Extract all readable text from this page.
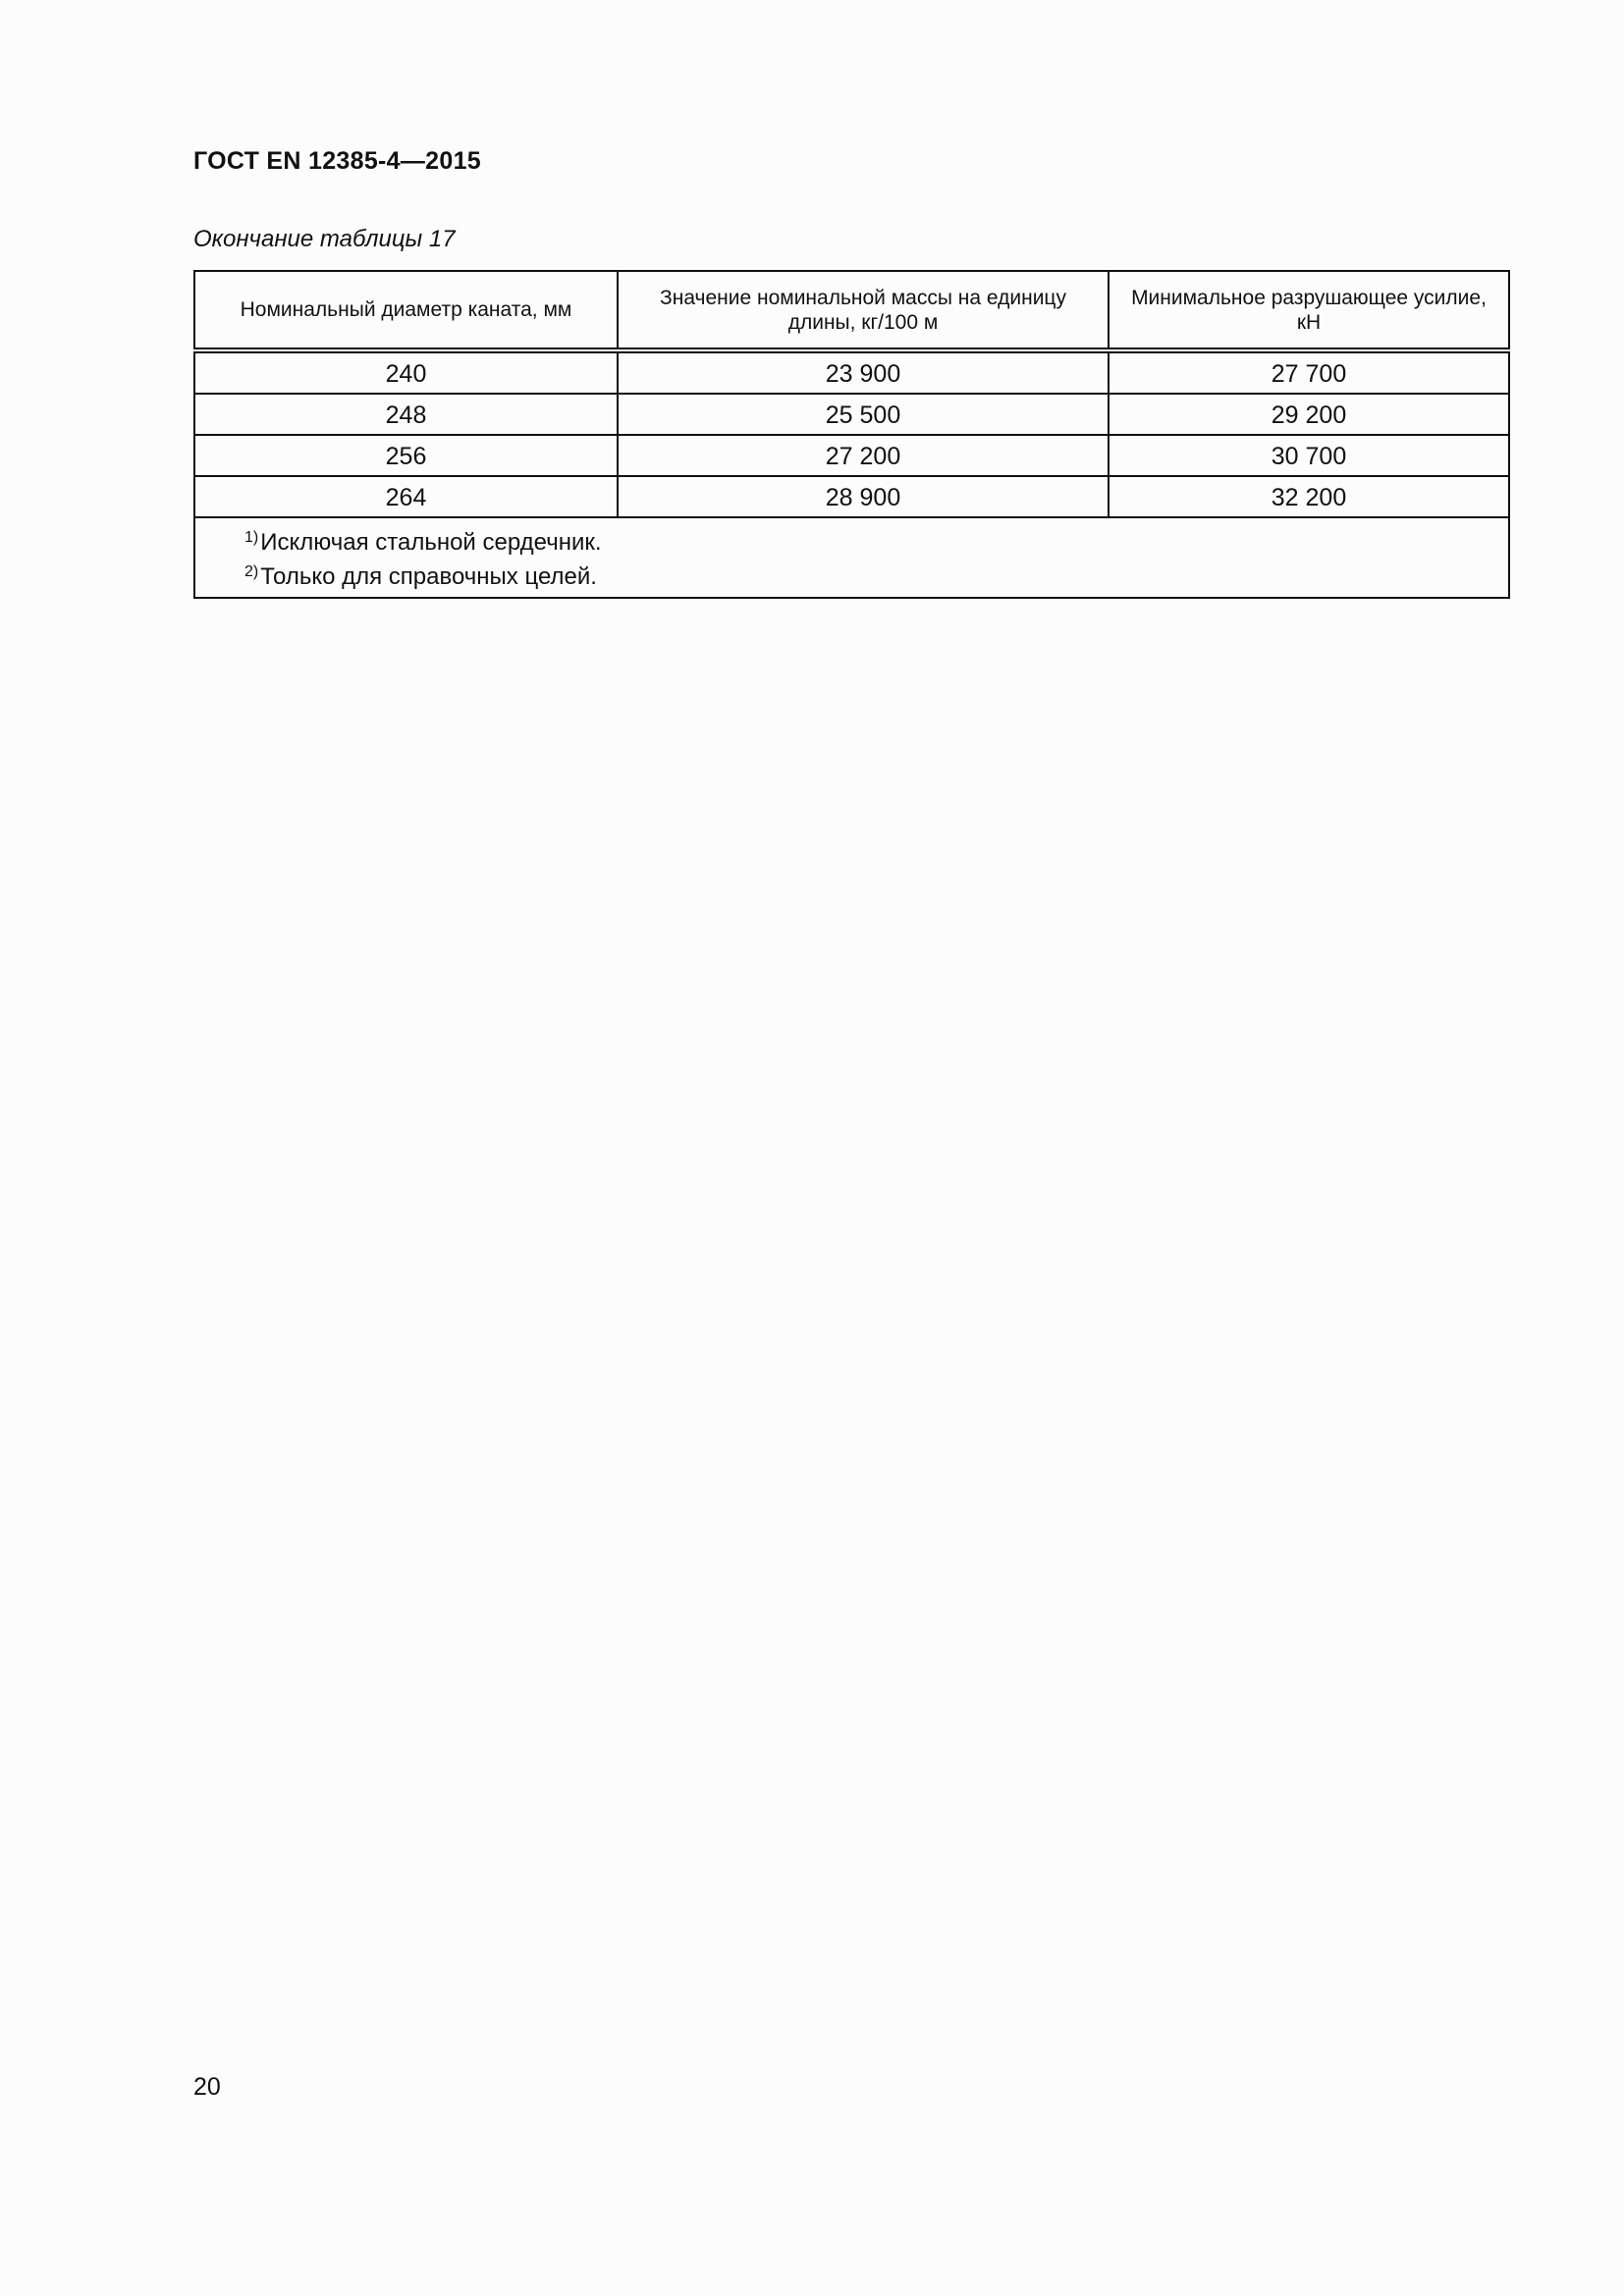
ГОСТ EN 12385-4—2015
Окончание таблицы 17
Номинальный диаметр каната, мм	Значение номинальной массы на единицу длины, кг/100 м	Минимальное разрушающее усилие, кН
240	23 900	27 700
248	25 500	29 200
256	27 200	30 700
264	28 900	32 200

$^{1)}$Исключая стальной сердечник.
$^{2)}$Только для справочных целей.		
20
